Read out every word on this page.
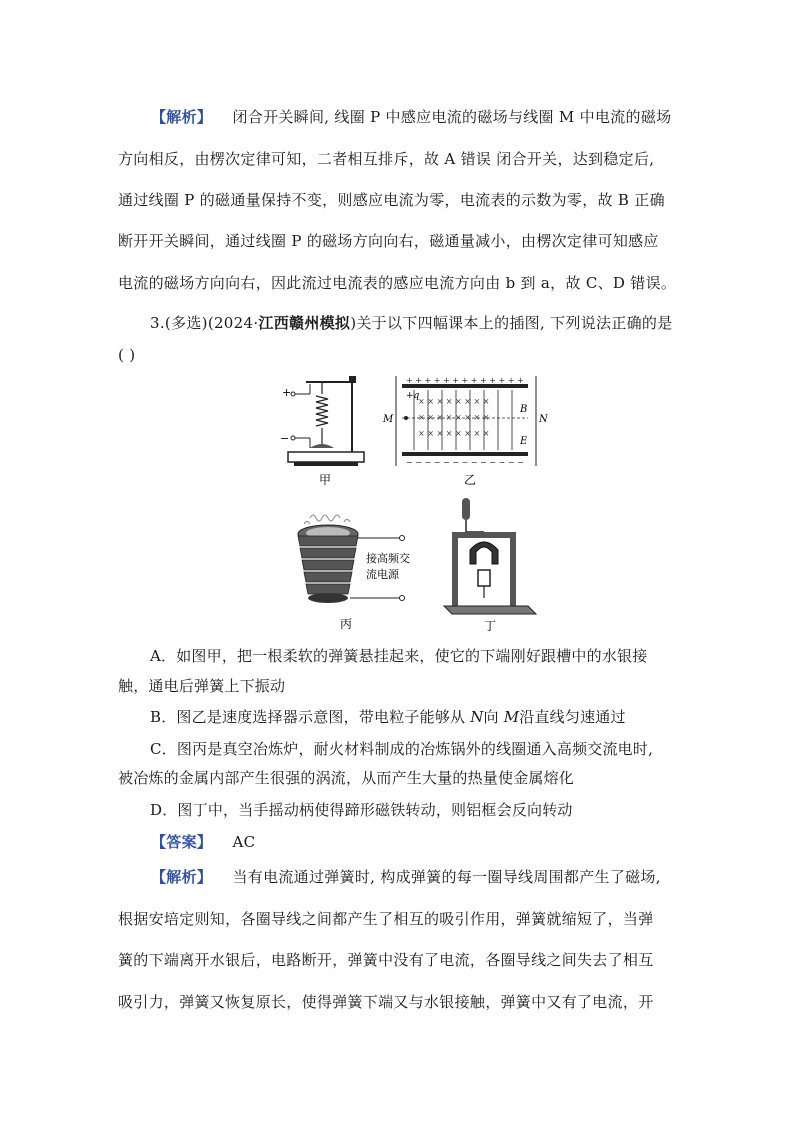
【解析】 闭合开关瞬间, 线圈 P 中感应电流的磁场与线圈 M 中电流的磁场
方向相反，由楞次定律可知，二者相互排斥，故 A 错误 闭合开关，达到稳定后,
通过线圈 P 的磁通量保持不变，则感应电流为零，电流表的示数为零，故 B 正确
断开开关瞬间，通过线圈 P 的磁场方向向右，磁通量减小，由楞次定律可知感应
电流的磁场方向向右，因此流过电流表的感应电流方向由 b 到 a，故 C、D 错误。
3.(多选)(2024·江西赣州模拟)关于以下四幅课本上的插图, 下列说法正确的是
( )
+
−
甲
+ + + + + + + + + + + + +
− − − − − − − − − − − − −
× × × × × × × ×
× × × × × × × ×
× × × × × × × ×
+q
M	N
B
E
乙
接高频交
流电源
丙	丁
A．如图甲，把一根柔软的弹簧悬挂起来，使它的下端刚好跟槽中的水银接
触，通电后弹簧上下振动
B．图乙是速度选择器示意图，带电粒子能够从 N向 M沿直线匀速通过
C．图丙是真空冶炼炉，耐火材料制成的冶炼锅外的线圈通入高频交流电时,
被冶炼的金属内部产生很强的涡流，从而产生大量的热量使金属熔化
D．图丁中，当手摇动柄使得蹄形磁铁转动，则铝框会反向转动
【答案】 AC
【解析】 当有电流通过弹簧时, 构成弹簧的每一圈导线周围都产生了磁场,
根据安培定则知，各圈导线之间都产生了相互的吸引作用，弹簧就缩短了，当弹
簧的下端离开水银后，电路断开，弹簧中没有了电流，各圈导线之间失去了相互
吸引力，弹簧又恢复原长，使得弹簧下端又与水银接触，弹簧中又有了电流，开
